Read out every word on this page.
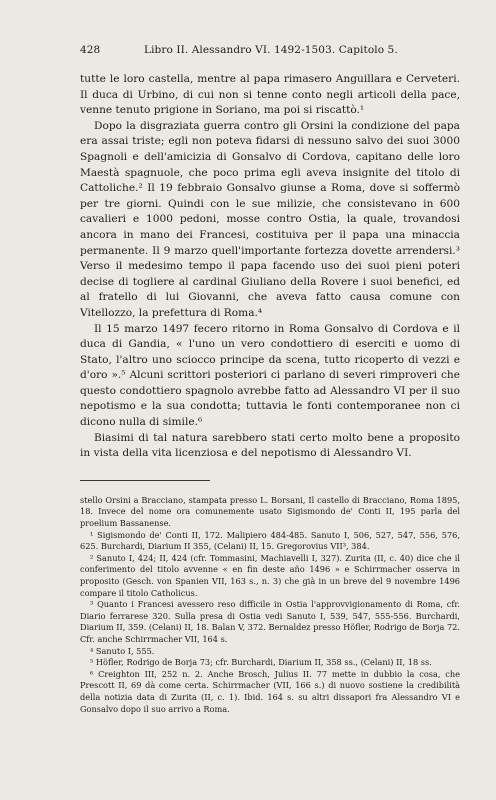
428	Libro II. Alessandro VI. 1492-1503. Capitolo 5.

tutte le loro castella, mentre al papa rimasero Anguillara e Cerveteri. Il duca di Urbino, di cui non si tenne conto negli articoli della pace, venne tenuto prigione in Soriano, ma poi si riscattò.¹

Dopo la disgraziata guerra contro gli Orsini la condizione del papa era assai triste; egli non poteva fidarsi di nessuno salvo dei suoi 3000 Spagnoli e dell'amicizia di Gonsalvo di Cordova, capitano delle loro Maestà spagnuole, che poco prima egli aveva insignite del titolo di Cattoliche.² Il 19 febbraio Gonsalvo giunse a Roma, dove si soffermò per tre giorni. Quindi con le sue milizie, che consistevano in 600 cavalieri e 1000 pedoni, mosse contro Ostia, la quale, trovandosi ancora in mano dei Francesi, costituiva per il papa una minaccia permanente. Il 9 marzo quell'importante fortezza dovette arrendersi.³ Verso il medesimo tempo il papa facendo uso dei suoi pieni poteri decise di togliere al cardinal Giuliano della Rovere i suoi benefici, ed al fratello di lui Giovanni, che aveva fatto causa comune con Vitellozzo, la prefettura di Roma.⁴

Il 15 marzo 1497 fecero ritorno in Roma Gonsalvo di Cordova e il duca di Gandia, « l'uno un vero condottiero di eserciti e uomo di Stato, l'altro uno sciocco principe da scena, tutto ricoperto di vezzi e d'oro ».⁵ Alcuni scrittori posteriori ci parlano di severi rimproveri che questo condottiero spagnolo avrebbe fatto ad Alessandro VI per il suo nepotismo e la sua condotta; tuttavia le fonti contemporanee non ci dicono nulla di simile.⁶

Biasimi di tal natura sarebbero stati certo molto bene a proposito in vista della vita licenziosa e del nepotismo di Alessandro VI.

stello Orsini a Bracciano, stampata presso L. Borsani, Il castello di Bracciano, Roma 1895, 18. Invece del nome ora comunemente usato Sigismondo de' Conti II, 195 parla del proelium Bassanense.

¹ Sigismondo de' Conti II, 172. Malipiero 484-485. Sanuto I, 506, 527, 547, 556, 576, 625. Burchardi, Diarium II 355, (Celani) II, 15. Gregorovius VII³, 384.

² Sanuto I, 424; II, 424 (cfr. Tommasini, Machiavelli I, 327). Zurita (II, c. 40) dice che il conferimento del titolo avvenne « en fin deste año 1496 » e Schirrmacher osserva in proposito (Gesch. von Spanien VII, 163 s., n. 3) che già in un breve del 9 novembre 1496 compare il titolo Catholicus.

³ Quanto i Francesi avessero reso difficile in Ostia l'approvvigionamento di Roma, cfr. Diario ferrarese 320. Sulla presa di Ostia vedi Sanuto I, 539, 547, 555-556. Burchardi, Diarium II, 359. (Celani) II, 18. Balan V, 372. Bernaldez presso Höfler, Rodrigo de Borja 72. Cfr. anche Schirrmacher VII, 164 s.

⁴ Sanuto I, 555.

⁵ Höfler, Rodrigo de Borja 73; cfr. Burchardi, Diarium II, 358 ss., (Celani) II, 18 ss.

⁶ Creighton III, 252 n. 2. Anche Brosch, Julius II. 77 mette in dubbio la cosa, che Prescott II, 69 dà come certa. Schirrmacher (VII, 166 s.) di nuovo sostiene la credibilità della notizia data di Zurita (II, c. 1). Ibid. 164 s. su altri dissapori fra Alessandro VI e Gonsalvo dopo il suo arrivo a Roma.
